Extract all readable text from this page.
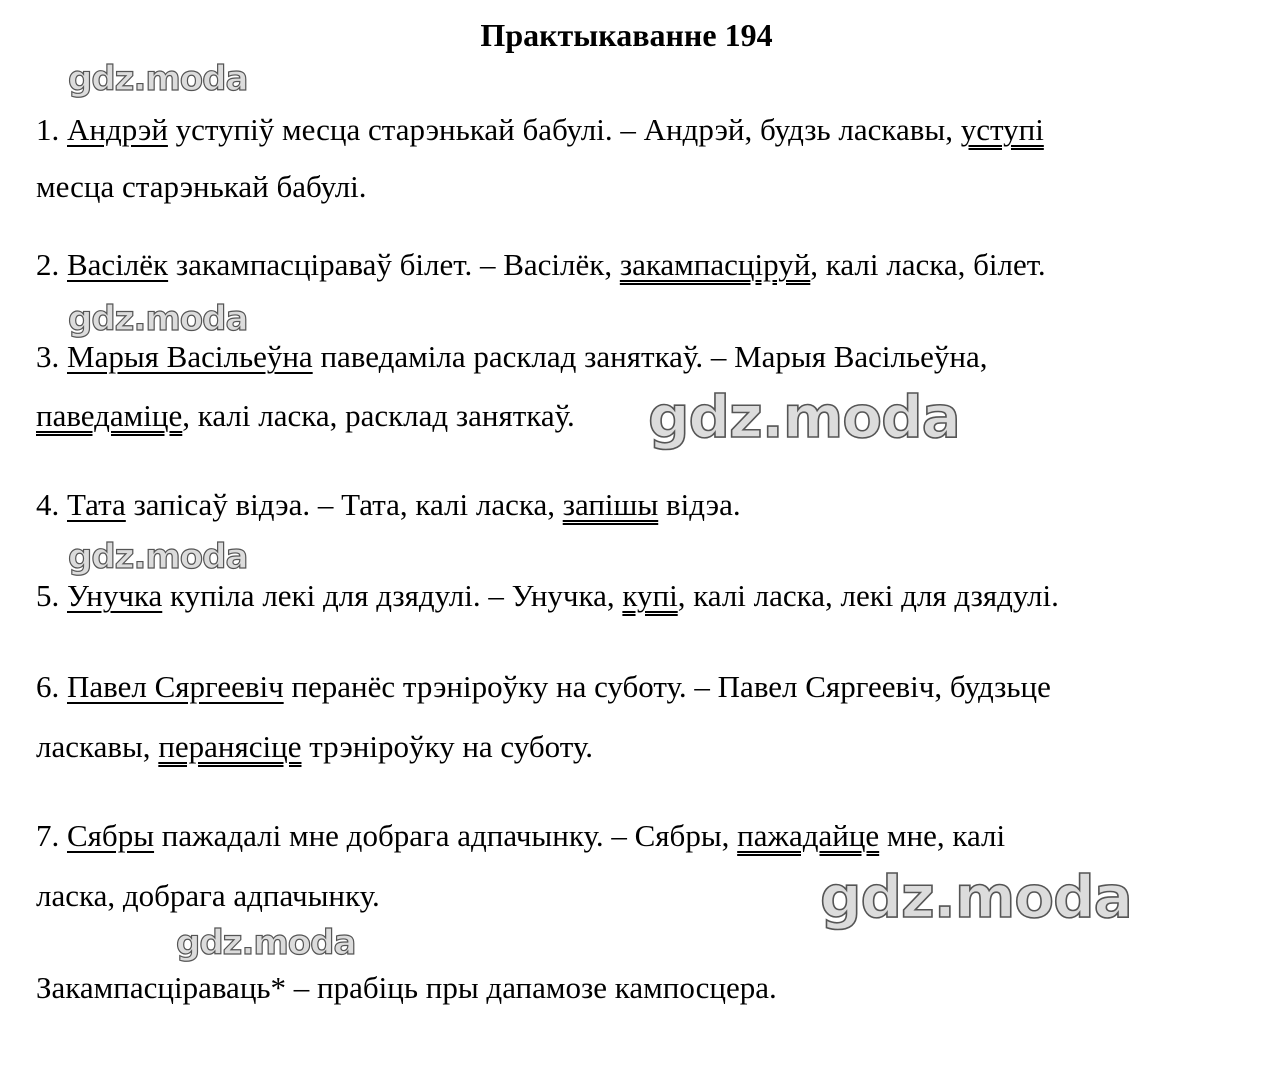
Практыкаванне 194
1. Андрэй уступіў месца старэнькай бабулі. – Андрэй, будзь ласкавы, уступі
месца старэнькай бабулі.
2. Васілёк закампасціраваў білет. – Васілёк, закампасціруй, калі ласка, білет.
3. Марыя Васільеўна паведаміла расклад заняткаў. – Марыя Васільеўна,
паведаміце, калі ласка, расклад заняткаў.
4. Тата запісаў відэа. – Тата, калі ласка, запішы відэа.
5. Унучка купіла лекі для дзядулі. – Унучка, купі, калі ласка, лекі для дзядулі.
6. Павел Сяргеевіч перанёс трэніроўку на суботу. – Павел Сяргеевіч, будзьце
ласкавы, перанясіце трэніроўку на суботу.
7. Сябры пажадалі мне добрага адпачынку. – Сябры, пажадайце мне, калі
ласка, добрага адпачынку.
Закампасціраваць* – прабіць пры дапамозе кампосцера.
gdz.moda
gdz.moda
gdz.moda
gdz.moda
gdz.moda
gdz.moda
